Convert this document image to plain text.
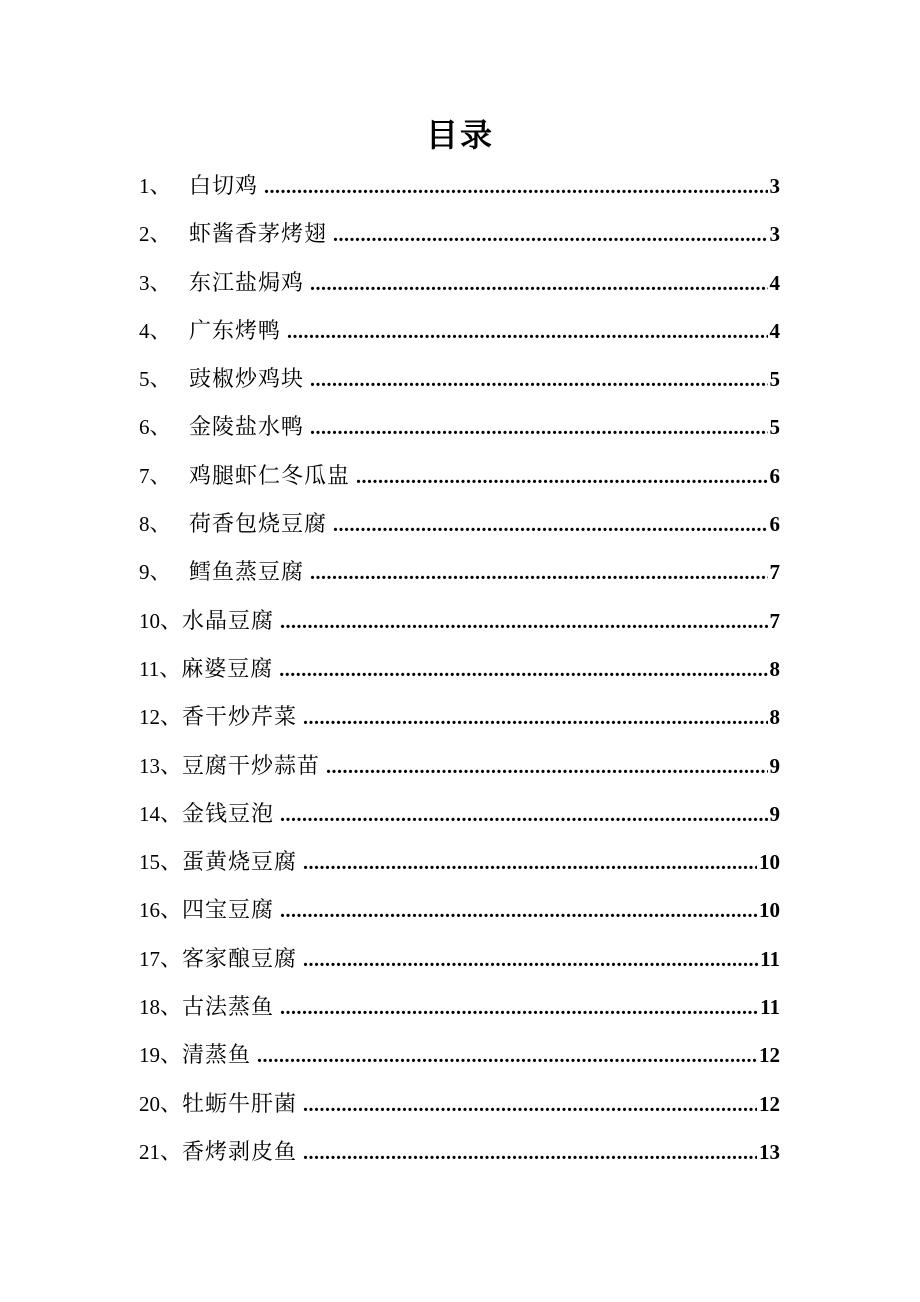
目录
1、 白切鸡 .....	3
2、 虾酱香茅烤翅 .....	3
3、 东江盐焗鸡 .....	4
4、 广东烤鸭 .....	4
5、 豉椒炒鸡块 .....	5
6、 金陵盐水鸭 .....	5
7、 鸡腿虾仁冬瓜盅 .....	6
8、 荷香包烧豆腐 .....	6
9、 鳕鱼蒸豆腐 .....	7
10、 水晶豆腐 .....	7
11、 麻婆豆腐 .....	8
12、 香干炒芹菜 .....	8
13、 豆腐干炒蒜苗 .....	9
14、 金钱豆泡 .....	9
15、 蛋黄烧豆腐 .....	10
16、 四宝豆腐 .....	10
17、 客家酿豆腐 .....	11
18、 古法蒸鱼 .....	11
19、 清蒸鱼 .....	12
20、 牡蛎牛肝菌 .....	12
21、 香烤剥皮鱼 .....	13
